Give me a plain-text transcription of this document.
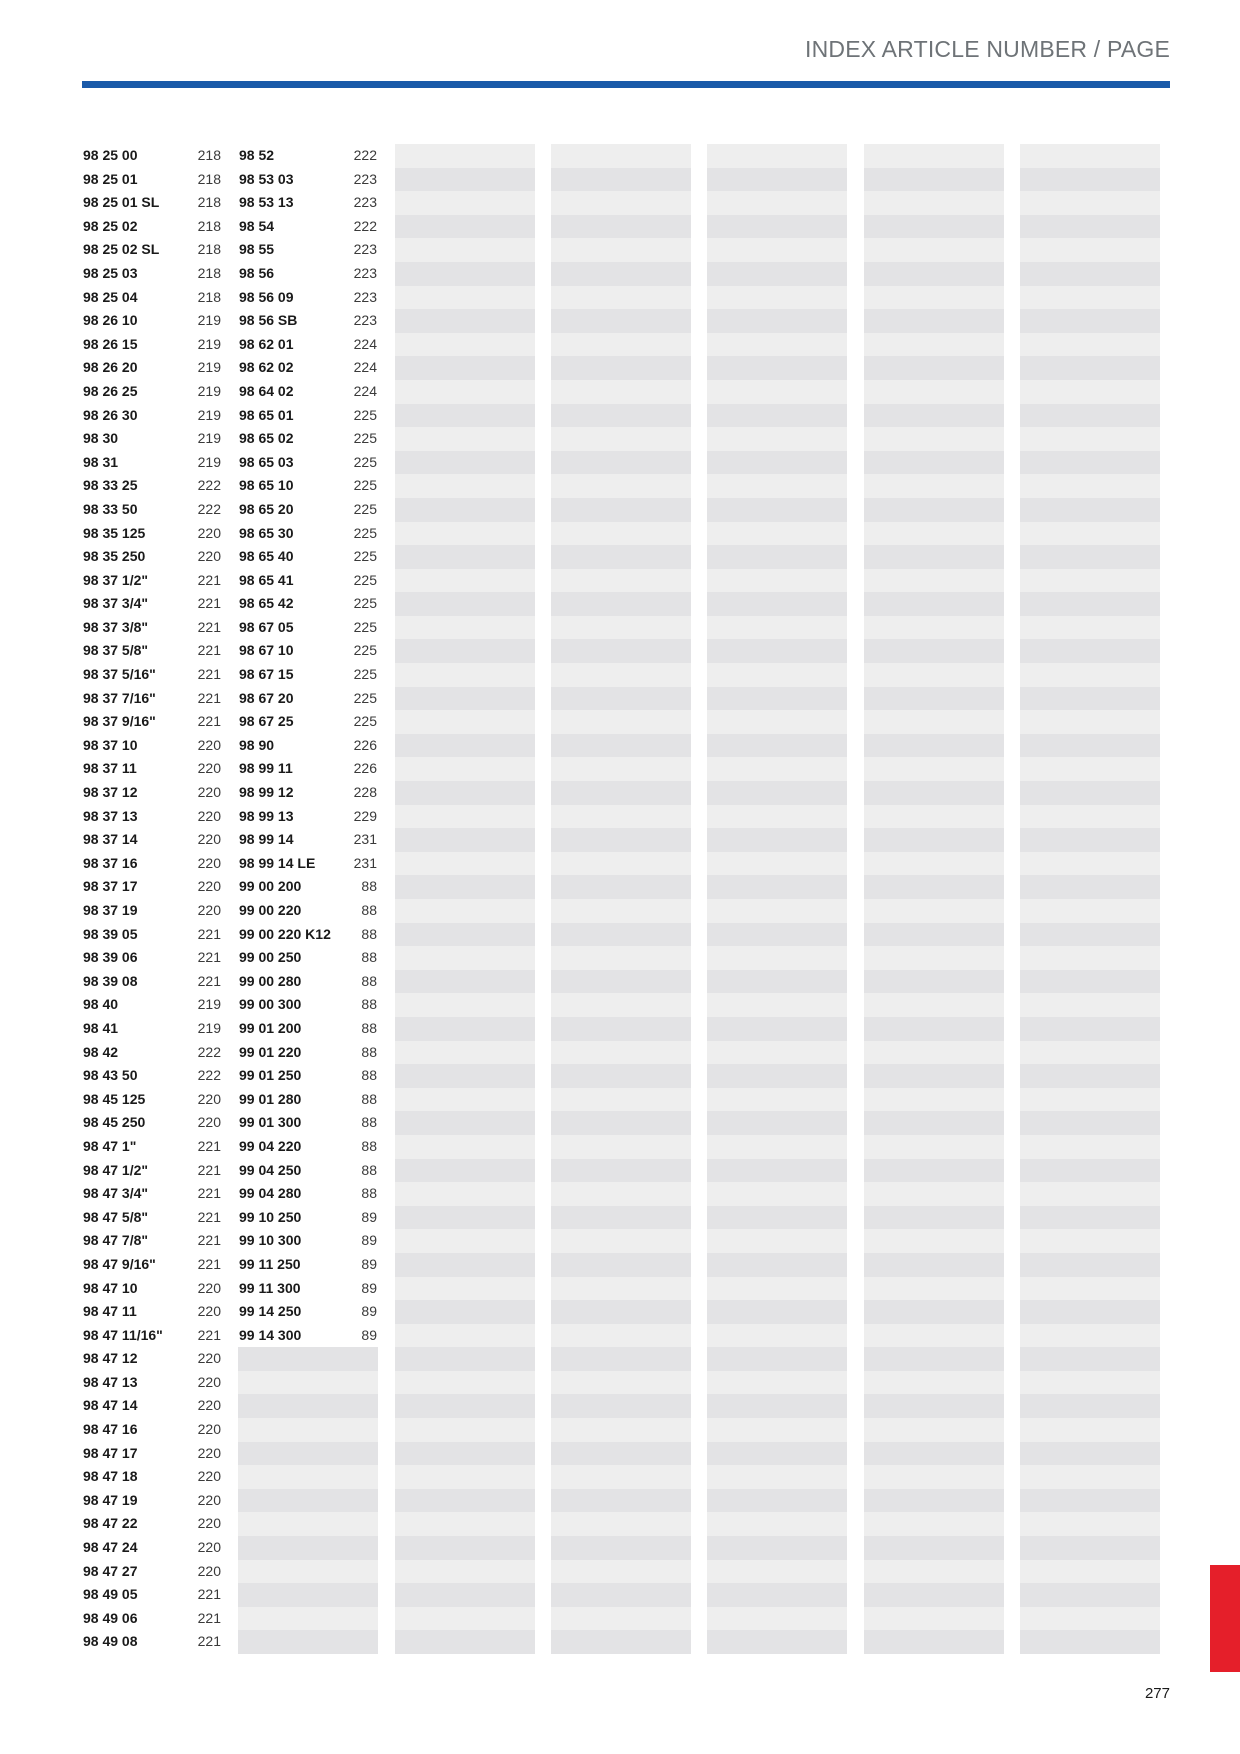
INDEX ARTICLE NUMBER / PAGE
98 25 00	218
98 25 01	218
98 25 01 SL	218
98 25 02	218
98 25 02 SL	218
98 25 03	218
98 25 04	218
98 26 10	219
98 26 15	219
98 26 20	219
98 26 25	219
98 26 30	219
98 30	219
98 31	219
98 33 25	222
98 33 50	222
98 35 125	220
98 35 250	220
98 37 1/2"	221
98 37 3/4"	221
98 37 3/8"	221
98 37 5/8"	221
98 37 5/16"	221
98 37 7/16"	221
98 37 9/16"	221
98 37 10	220
98 37 11	220
98 37 12	220
98 37 13	220
98 37 14	220
98 37 16	220
98 37 17	220
98 37 19	220
98 39 05	221
98 39 06	221
98 39 08	221
98 40	219
98 41	219
98 42	222
98 43 50	222
98 45 125	220
98 45 250	220
98 47 1"	221
98 47 1/2"	221
98 47 3/4"	221
98 47 5/8"	221
98 47 7/8"	221
98 47 9/16"	221
98 47 10	220
98 47 11	220
98 47 11/16" 221
98 47 12	220
98 47 13	220
98 47 14	220
98 47 16	220
98 47 17	220
98 47 18	220
98 47 19	220
98 47 22	220
98 47 24	220
98 47 27	220
98 49 05	221
98 49 06	221
98 49 08	221
98 52	222
98 53 03	223
98 53 13	223
98 54	222
98 55	223
98 56	223
98 56 09	223
98 56 SB	223
98 62 01	224
98 62 02	224
98 64 02	224
98 65 01	225
98 65 02	225
98 65 03	225
98 65 10	225
98 65 20	225
98 65 30	225
98 65 40	225
98 65 41	225
98 65 42	225
98 67 05	225
98 67 10	225
98 67 15	225
98 67 20	225
98 67 25	225
98 90	226
98 99 11	226
98 99 12	228
98 99 13	229
98 99 14	231
98 99 14 LE	231
99 00 200	88
99 00 220	88
99 00 220 K12 88
99 00 250	88
99 00 280	88
99 00 300	88
99 01 200	88
99 01 220	88
99 01 250	88
99 01 280	88
99 01 300	88
99 04 220	88
99 04 250	88
99 04 280	88
99 10 250	89
99 10 300	89
99 11 250	89
99 11 300	89
99 14 250	89
99 14 300	89
277
